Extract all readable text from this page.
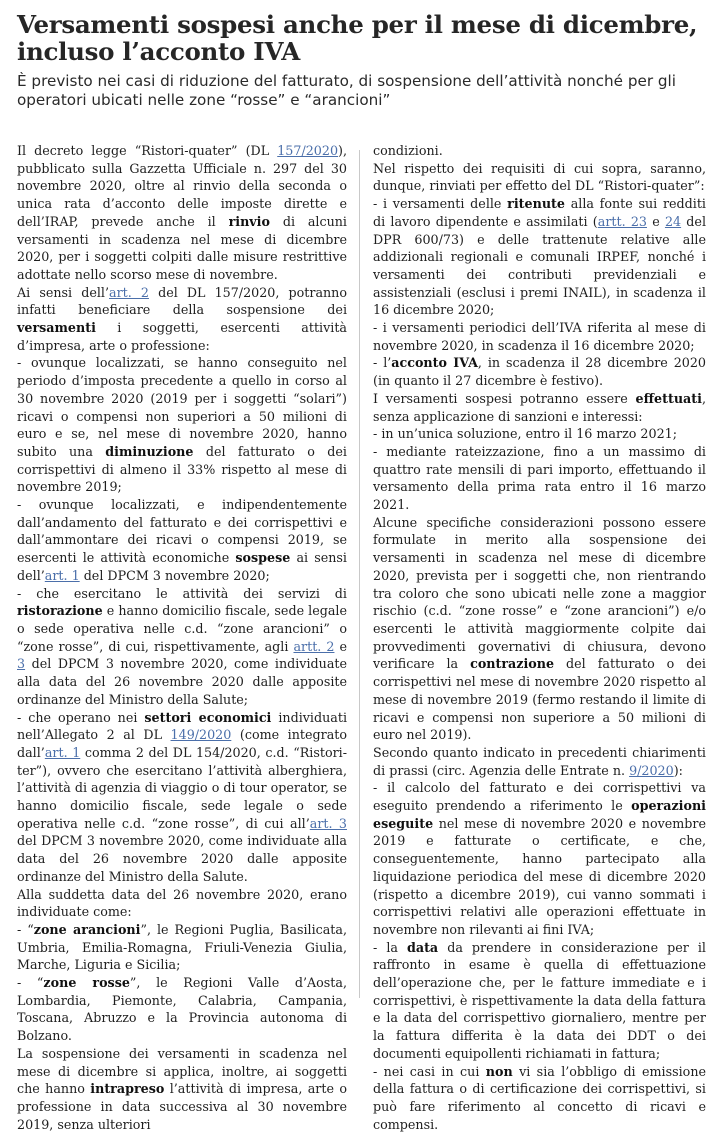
Versamenti sospesi anche per il mese di dicembre, incluso l’acconto IVA

È previsto nei casi di riduzione del fatturato, di sospensione dell’attività nonché per gli operatori ubicati nelle zone “rosse” e “arancioni”

Il decreto legge “Ristori-quater” (DL 157/2020), pubblicato sulla Gazzetta Ufficiale n. 297 del 30 novembre 2020, oltre al rinvio della seconda o unica rata d’acconto delle imposte dirette e dell’IRAP, prevede anche il rinvio di alcuni versamenti in scadenza nel mese di dicembre 2020, per i soggetti colpiti dalle misure restrittive adottate nello scorso mese di novembre.

Ai sensi dell’art. 2 del DL 157/2020, potranno infatti beneficiare della sospensione dei versamenti i soggetti, esercenti attività d’impresa, arte o professione:

- ovunque localizzati, se hanno conseguito nel periodo d’imposta precedente a quello in corso al 30 novembre 2020 (2019 per i soggetti “solari”) ricavi o compensi non superiori a 50 milioni di euro e se, nel mese di novembre 2020, hanno subito una diminuzione del fatturato o dei corrispettivi di almeno il 33% rispetto al mese di novembre 2019;

- ovunque localizzati, e indipendentemente dall’andamento del fatturato e dei corrispettivi e dall’ammontare dei ricavi o compensi 2019, se esercenti le attività economiche sospese ai sensi dell’art. 1 del DPCM 3 novembre 2020;

- che esercitano le attività dei servizi di ristorazione e hanno domicilio fiscale, sede legale o sede operativa nelle c.d. “zone arancioni” o “zone rosse”, di cui, rispettivamente, agli artt. 2 e 3 del DPCM 3 novembre 2020, come individuate alla data del 26 novembre 2020 dalle apposite ordinanze del Ministro della Salute;

- che operano nei settori economici individuati nell’Allegato 2 al DL 149/2020 (come integrato dall’art. 1 comma 2 del DL 154/2020, c.d. “Ristori-ter”), ovvero che esercitano l’attività alberghiera, l’attività di agenzia di viaggio o di tour operator, se hanno domicilio fiscale, sede legale o sede operativa nelle c.d. “zone rosse”, di cui all’art. 3 del DPCM 3 novembre 2020, come individuate alla data del 26 novembre 2020 dalle apposite ordinanze del Ministro della Salute.

Alla suddetta data del 26 novembre 2020, erano individuate come:

- “zone arancioni”, le Regioni Puglia, Basilicata, Umbria, Emilia-Romagna, Friuli-Venezia Giulia, Marche, Liguria e Sicilia;

- “zone rosse”, le Regioni Valle d’Aosta, Lombardia, Piemonte, Calabria, Campania, Toscana, Abruzzo e la Provincia autonoma di Bolzano.

La sospensione dei versamenti in scadenza nel mese di dicembre si applica, inoltre, ai soggetti che hanno intrapreso l’attività di impresa, arte o professione in data successiva al 30 novembre 2019, senza ulteriori

condizioni.

Nel rispetto dei requisiti di cui sopra, saranno, dunque, rinviati per effetto del DL “Ristori-quater”:

- i versamenti delle ritenute alla fonte sui redditi di lavoro dipendente e assimilati (artt. 23 e 24 del DPR 600/73) e delle trattenute relative alle addizionali regionali e comunali IRPEF, nonché i versamenti dei contributi previdenziali e assistenziali (esclusi i premi INAIL), in scadenza il 16 dicembre 2020;

- i versamenti periodici dell’IVA riferita al mese di novembre 2020, in scadenza il 16 dicembre 2020;

- l’acconto IVA, in scadenza il 28 dicembre 2020 (in quanto il 27 dicembre è festivo).

I versamenti sospesi potranno essere effettuati, senza applicazione di sanzioni e interessi:

- in un’unica soluzione, entro il 16 marzo 2021;

- mediante rateizzazione, fino a un massimo di quattro rate mensili di pari importo, effettuando il versamento della prima rata entro il 16 marzo 2021.

Alcune specifiche considerazioni possono essere formulate in merito alla sospensione dei versamenti in scadenza nel mese di dicembre 2020, prevista per i soggetti che, non rientrando tra coloro che sono ubicati nelle zone a maggior rischio (c.d. “zone rosse” e “zone arancioni”) e/o esercenti le attività maggiormente colpite dai provvedimenti governativi di chiusura, devono verificare la contrazione del fatturato o dei corrispettivi nel mese di novembre 2020 rispetto al mese di novembre 2019 (fermo restando il limite di ricavi e compensi non superiore a 50 milioni di euro nel 2019).

Secondo quanto indicato in precedenti chiarimenti di prassi (circ. Agenzia delle Entrate n. 9/2020):

- il calcolo del fatturato e dei corrispettivi va eseguito prendendo a riferimento le operazioni eseguite nel mese di novembre 2020 e novembre 2019 e fatturate o certificate, e che, conseguentemente, hanno partecipato alla liquidazione periodica del mese di dicembre 2020 (rispetto a dicembre 2019), cui vanno sommati i corrispettivi relativi alle operazioni effettuate in novembre non rilevanti ai fini IVA;

- la data da prendere in considerazione per il raffronto in esame è quella di effettuazione dell’operazione che, per le fatture immediate e i corrispettivi, è rispettivamente la data della fattura e la data del corrispettivo giornaliero, mentre per la fattura differita è la data dei DDT o dei documenti equipollenti richiamati in fattura;

- nei casi in cui non vi sia l’obbligo di emissione della fattura o di certificazione dei corrispettivi, si può fare riferimento al concetto di ricavi e compensi.
